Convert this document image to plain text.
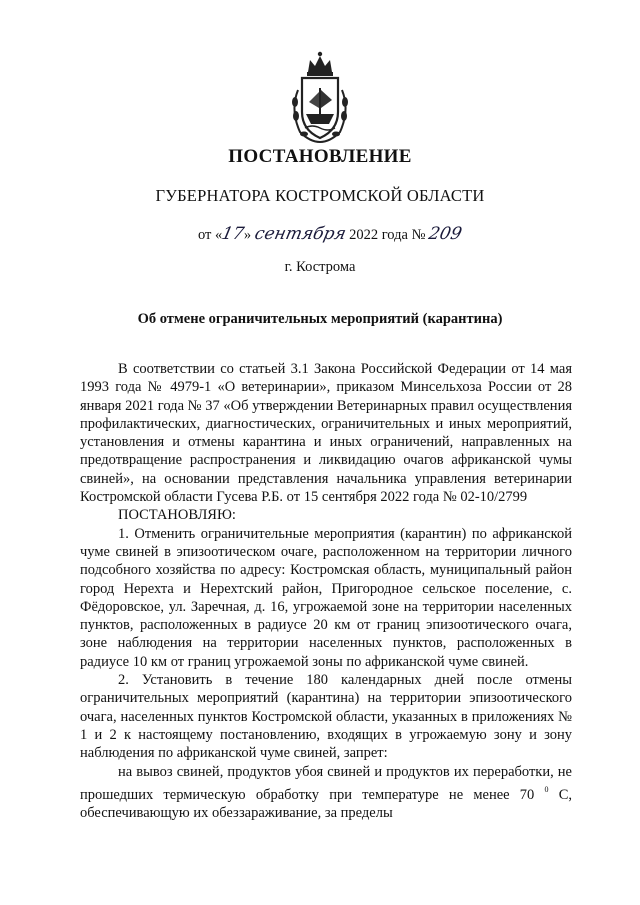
ПОСТАНОВЛЕНИЕ
ГУБЕРНАТОРА КОСТРОМСКОЙ ОБЛАСТИ
от «17» сентября 2022 года № 209
г. Кострома
Об отмене ограничительных мероприятий (карантина)

В соответствии со статьей 3.1 Закона Российской Федерации от 14 мая 1993 года № 4979-1 «О ветеринарии», приказом Минсельхоза России от 28 января 2021 года № 37 «Об утверждении Ветеринарных правил осуществления профилактических, диагностических, ограничительных и иных мероприятий, установления и отмены карантина и иных ограничений, направленных на предотвращение распространения и ликвидацию очагов африканской чумы свиней», на основании представления начальника управления ветеринарии Костромской области Гусева Р.Б. от 15 сентября 2022 года № 02-10/2799

ПОСТАНОВЛЯЮ:

1. Отменить ограничительные мероприятия (карантин) по африканской чуме свиней в эпизоотическом очаге, расположенном на территории личного подсобного хозяйства по адресу: Костромская область, муниципальный район город Нерехта и Нерехтский район, Пригородное сельское поселение, с. Фёдоровское, ул. Заречная, д. 16, угрожаемой зоне на территории населенных пунктов, расположенных в радиусе 20 км от границ эпизоотического очага, зоне наблюдения на территории населенных пунктов, расположенных в радиусе 10 км от границ угрожаемой зоны по африканской чуме свиней.

2. Установить в течение 180 календарных дней после отмены ограничительных мероприятий (карантина) на территории эпизоотического очага, населенных пунктов Костромской области, указанных в приложениях № 1 и 2 к настоящему постановлению, входящих в угрожаемую зону и зону наблюдения по африканской чуме свиней, запрет:

на вывоз свиней, продуктов убоя свиней и продуктов их переработки, не прошедших термическую обработку при температуре не менее 70 $^0$ С, обеспечивающую их обеззараживание, за пределы
